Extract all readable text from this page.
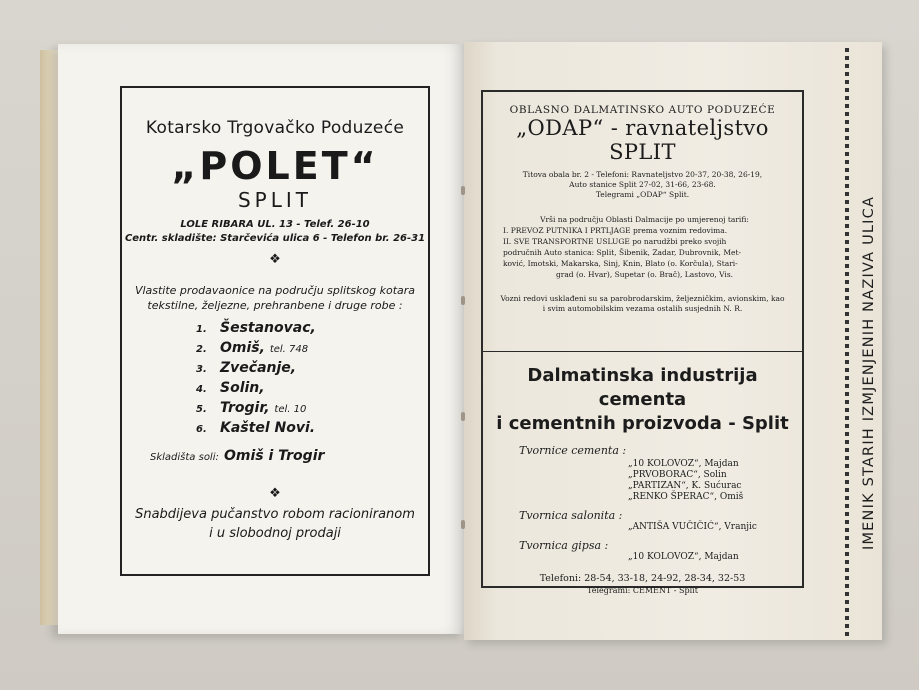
Kotarsko Trgovačko Poduzeće
„POLET“
SPLIT
LOLE RIBARA UL. 13 - Telef. 26-10
Centr. skladište: Starčevića ulica 6 - Telefon br. 26-31
❖
Vlastite prodavaonice na području splitskog kotara
tekstilne, željezne, prehranbene i druge robe :
1. Šestanovac,
2. Omiš, tel. 748
3. Zvečanje,
4. Solin,
5. Trogir, tel. 10
6. Kaštel Novi.
Skladišta soli: Omiš i Trogir
❖
Snabdijeva pučanstvo robom racioniranom
i u slobodnoj prodaji
OBLASNO DALMATINSKO AUTO PODUZEĆE
„ODAP“ - ravnateljstvo SPLIT
Titova obala br. 2 - Telefoni: Ravnateljstvo 20-37, 20-38, 26-19,
Auto stanice Split 27-02, 31-66, 23-68.
Telegrami „ODAP“ Split.
Vrši na području Oblasti Dalmacije po umjerenoj tarifi:
I. PREVOZ PUTNIKA I PRTLJAGE prema voznim redovima.
II. SVE TRANSPORTNE USLUGE po narudžbi preko svojih
područnih Auto stanica: Split, Šibenik, Zadar, Dubrovnik, Met-
ković, Imotski, Makarska, Sinj, Knin, Blato (o. Korčula), Stari-
grad (o. Hvar), Supetar (o. Brač), Lastovo, Vis.
Vozni redovi usklađeni su sa parobrodarskim, željezničkim, avionskim, kao
i svim automobilskim vezama ostalih susjednih N. R.
Dalmatinska industrija cementa
i cementnih proizvoda - Split
Tvornice cementa :
„10 KOLOVOZ“, Majdan
„PRVOBORAC“, Solin
„PARTIZAN“, K. Sućurac
„RENKO ŠPERAC“, Omiš
Tvornica salonita :
„ANTIŠA VUČIČIĆ“, Vranjic
Tvornica gipsa :
„10 KOLOVOZ“, Majdan
Telefoni: 28-54, 33-18, 24-92, 28-34, 32-53
Telegrami: CEMENT - Split
IMENIK STARIH IZMJENJENIH NAZIVA ULICA
